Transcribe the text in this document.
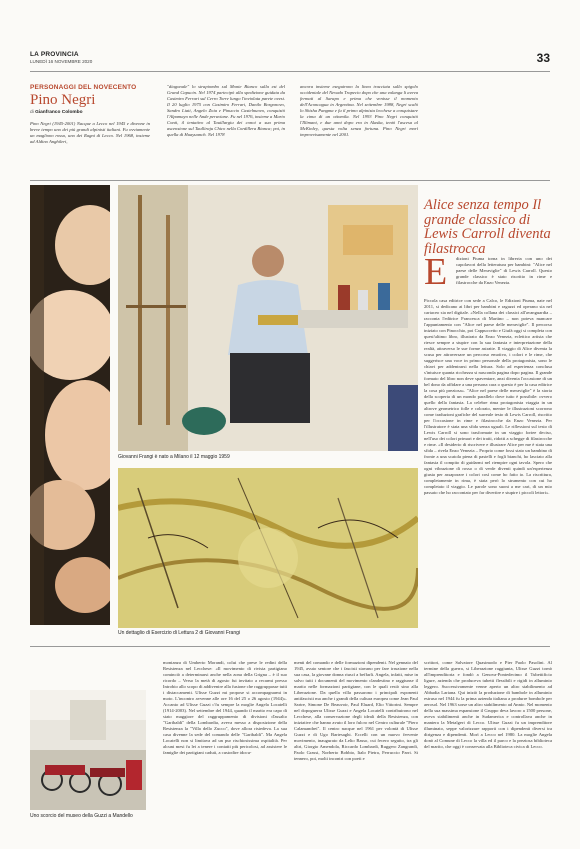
LA PROVINCIA
LUNEDÌ 16 NOVEMBRE 2020	33
PERSONAGGI DEL NOVECENTO
Pino Negri
di Gianfranco Colombo
Pino Negri (1945-2001) Nacque a Lecco nel 1945 e divenne in breve tempo uno dei più grandi alpinisti italiani. Fu ovviamente un magliono rosso, uno dei Ragni di Lecco. Nel 1968, insieme ad Aldino Anghileri,
"diagonale" lo strapiombo sul Monte Bianco sulla est del Grand Capucin. Nel 1974 partecipò alla spedizione guidata da Casimiro Ferrari sul Cerro Torre lungo l'inviolata parete ovest. Il 20 luglio 1975 con Casimiro Ferrari, Danilo Borgonovo, Sandro Liati, Angelo Zoia e Pinuccio Castelnuovo, conquistò l'Alpamayo nelle Ande peruviane. Fu nel 1976, insieme a Mario Conti, il tentativo al Tauillargiu dei conoi a sua prima ascensione sul Taulliraju Chico nella Cordillera Bianca; poi, in quella di Huayuanch. Nel 1978
ancora insieme eseguirono la linea tracciata sullo spigolo occidentale del Nevado Trapecio dopo che una valanga li aveva fermati al Sarapo e prima che venisse il momento dell'Aconcagua in Argentina. Nel settembre 1988, Negri scalò lo Shisha Pangma e fu il primo alpinista lecchese a conquistare la cima di un ottomila. Nel 1993 Pino Negri conquistò l'Illimani, e due anni dopo era in Alaska, tentò l'ascesa al McKinley, questa volta senza fortuna. Pino Negri morì improvvisamente nel 2001.
Giovanni Frangi è nato a Milano il 12 maggio 1959
Un dettaglio di Esercizio di Lettura 2 di Giovanni Frangi
Alice senza tempo Il grande classico di Lewis Carroll diventa filastrocca
E dizioni Piuma torna in libreria con uno dei capolavori della letteratura per bambini: "Alice nel paese delle Meraviglie" di Lewis Carroll. Questo grande classico è stato riscritto in rime e filastrocche da Enzo Venezia.
Piccola casa editrice con sede a Calco, le Edizioni Piuma, nate nel 2011, si dedicano ai libri per bambini e ragazzi ed operano sia nel cartaceo sia nel digitale. «Nella collana dei classici all'avanguardia – racconta l'editrice Francesca di Martino – non poteva mancare l'appuntamento con "Alice nel paese delle meraviglie". Il percorso iniziato con Pinocchio, poi Cappuccetto e Giufà oggi si completa con quest'ultimo libro, illustrato da Enzo Venezia, eclettico artista che riesce sempre a stupire con la sua fantasia e interpretazione della realtà, attraverso le sue forme astratte. Il viaggio di Alice diventa la scusa per attraversare un percorso emotivo, i colori e le rime, che suggerisce una voce in primo personale della protagonista, sono le chiavi per addentrarsi nella lettura. Solo ad esperienza conclusa s'intuisce quanta ricchezza si nasconda pagina dopo pagina. Il grande formato del libro non deve spaventare, anzi diventa l'occasione di un bel dono da affidare a una persona cara o questo è per la casa editrice la cosa più preziosa». "Alice nel paese delle meraviglie" è la storia della scoperta di un mondo parallelo dove tutto è possibile: ovvero quello della fantasia. La celebre rima protagonista viaggia in un altrove geometrico folle e colorato, mentre le illustrazioni scorrono come traduzioni grafiche del surreale testo di Lewis Carroll, riscritto per l'occasione in rime e filastrocche da Enzo Venezia. Per l'illustratore è stata una sfida senza uguali. Le riflessioni sul testo di Lewis Carroll si sono trasformate in un viaggio fortee deciso, nell'uso dei colori primari e dei tratti, ridotti a schegge di filastrocche e rime. «Il desiderio di riscrivere e illustrare Alice per me è stata una sfida – rivela Enzo Venezia – Proprio come fossi stato un bambino di fronte a una scatola piena di pastelli e fogli bianchi, ho lasciato alla fantasia il compito di guidarmi nel riempire ogni tavola. Spero che ogni vibrazione di rosso o di verde diventi quindi un'esperienza giusta per assaporare i colori così come ho fatto io. La riscrittura, completamente in rima, è stata però lo strumento con cui ho completato il viaggio. Le parole sono suoni a me cari, di un mio passato che ho raccontato per far divertire e stupire i piccoli lettori».
Uno scorcio del museo della Guzzi a Mandello
monianza di Umberto Morandi, colui che prese le redini della Resistenza nel Lecchese: «Il movimento di rivista partigiano cominciò a determinarsi anche nella zona della Grigna – è il suo ricordo – Verso la metà di agosto fui invitato a recarmi presso Introbio allo scopo di addivenire alla fusione che raggruppasse tutti i distaccamenti. Ulisse Guzzi mi propose si accompagnarmi in moto. L'incontro avvenne alle ore 16 del 25 o 26 agosto (1944)». Accanto ad Ulisse Guzzi c'fu sempre la moglie Angela Locatelli (1914-2003). Nel settembre del 1944, quando il marito era capo di stato maggiore del raggruppamento di divisioni d'assalto "Garibaldi" della Lombardia, aveva messo a disposizione della Resistenza la "Villa dello Zucco", dove allora risiedeva. La sua casa divenne la sede del comando delle "Garibaldi". Ma Angela Locatelli non si limitava ad un pur rischiosissima ospitalità. Per alcuni mesi fu lei a tenere i contatti più pericolosi, ad assistere le famiglie dei partigiani caduti, a custodire idocu-
menti del comando e delle formazioni dipendenti. Nel gennaio del 1945, avuto sentore che i fascisti stavano per fare irruzione nella sua casa, la giovane donna riuscì a beffarli. Angela, infatti, mise in salvo tutti i documenti del movimento clandestino e raggiunse il marito nelle formazioni partigiane, con le quali restò sino alla Liberazione. Da quella villa passarono i principali esponenti antifascisti ma anche i grandi della cultura europea come Jean Paul Sartre, Simone De Beauvoir, Paul Eluard, Elio Vittorini. Sempre nel dopoguerra Ulisse Guzzi e Angela Locatelli contribuirono nel Lecchese, alla conservazione degli ideali della Resistenza, con iniziative che hanno avuto il loro fulcro nel Centro culturale "Piero Calamandrei". Il centro nacque nel 1961 per volontà di Ulisse Guzzi e di Ugo Bartesaghi. Eccelli con un nuovo fervente movimento, inaugurato da Lelio Basso, cui fecero seguito, tra gli altri, Giorgio Amendola, Riccardo Lombardi, Ruggero Zangrandi, Paolo Grassi, Norberto Bobbio, Italo Pietra, Ferruccio Parri. Si tennero, poi, molti incontri con poeti e
scrittori, come Salvatore Quasimodo e Pier Paolo Pasolini. Al termine della guerra, si Liberazione raggiunta, Ulisse Guzzi tornò all'imprenditoria e fondò a Genova-Pontedecimo il Tubettificio ligure, azienda che produceva tubetti flessibili e rigidi in alluminio leggero. Successivamente venne aperto un altro stabilimento ad Abbadia Lariana. Qui iniziò la produzione di bambole in alluminio estruso nel 1944 fu la prima azienda italiana a produrre bombole per aerosol. Nel 1963 sorse un altro stabilimento ad Annio. Nel momento della sua massima espansione il Gruppo deva lavoro a 1500 persone, aveva stabilimenti anche in Sudamerica e controllava anche in maniera la Metalgeri di Lecco. Ulisse Guzzi fu un imprenditore illuminato, seppe valorizzare rapporti con i dipendenti diversi tra dirigenza e dipendenti. Morì a Lecco nel 1980. La moglie Angela donò al Comune di Lecco la villa ed il parco e la preziosa biblioteca del marito, che oggi è conservata alla Biblioteca civica di Lecco.
